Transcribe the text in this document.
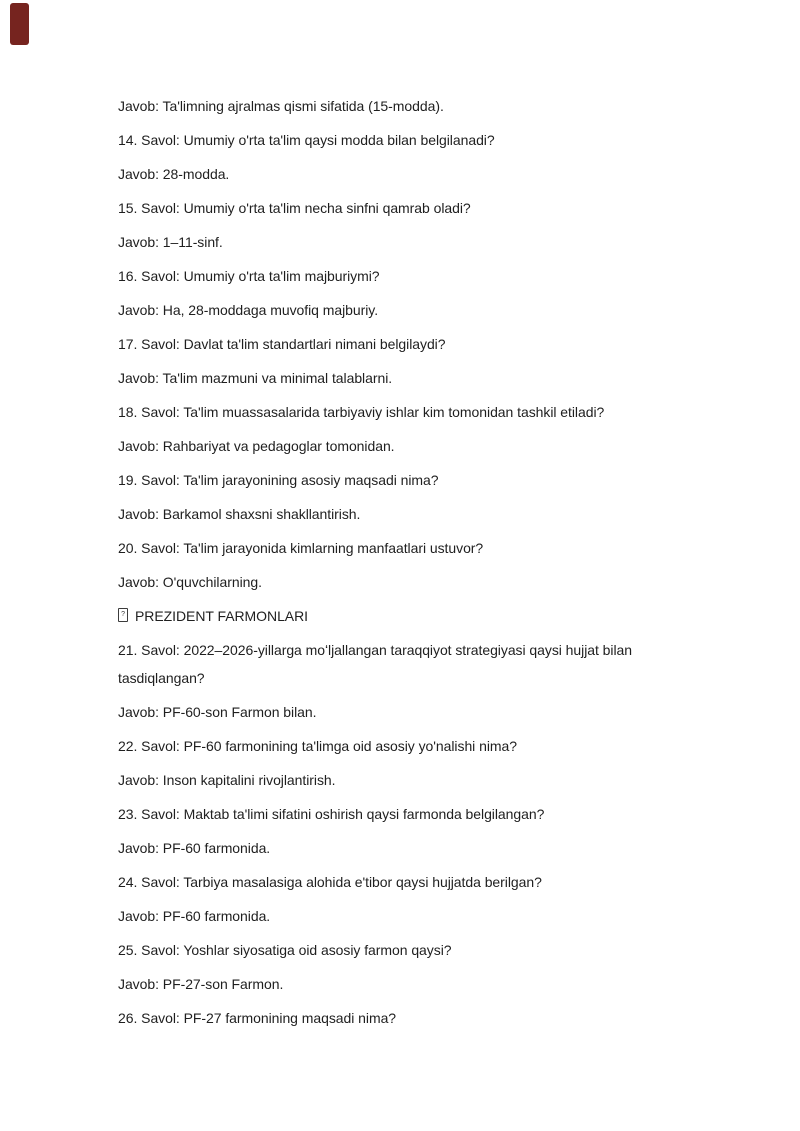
Javob: Ta'limning ajralmas qismi sifatida (15-modda).

14. Savol: Umumiy o'rta ta'lim qaysi modda bilan belgilanadi?

Javob: 28-modda.

15. Savol: Umumiy o'rta ta'lim necha sinfni qamrab oladi?

Javob: 1–11-sinf.

16. Savol: Umumiy o'rta ta'lim majburiymi?

Javob: Ha, 28-moddaga muvofiq majburiy.

17. Savol: Davlat ta'lim standartlari nimani belgilaydi?

Javob: Ta'lim mazmuni va minimal talablarni.

18. Savol: Ta'lim muassasalarida tarbiyaviy ishlar kim tomonidan tashkil etiladi?

Javob: Rahbariyat va pedagoglar tomonidan.

19. Savol: Ta'lim jarayonining asosiy maqsadi nima?

Javob: Barkamol shaxsni shakllantirish.

20. Savol: Ta'lim jarayonida kimlarning manfaatlari ustuvor?

Javob: O'quvchilarning.

? PREZIDENT FARMONLARI

21. Savol: 2022–2026-yillarga moʻljallangan taraqqiyot strategiyasi qaysi hujjat bilan tasdiqlangan?

Javob: PF-60-son Farmon bilan.

22. Savol: PF-60 farmonining ta'limga oid asosiy yo'nalishi nima?

Javob: Inson kapitalini rivojlantirish.

23. Savol: Maktab ta'limi sifatini oshirish qaysi farmonda belgilangan?

Javob: PF-60 farmonida.

24. Savol: Tarbiya masalasiga alohida e'tibor qaysi hujjatda berilgan?

Javob: PF-60 farmonida.

25. Savol: Yoshlar siyosatiga oid asosiy farmon qaysi?

Javob: PF-27-son Farmon.

26. Savol: PF-27 farmonining maqsadi nima?
